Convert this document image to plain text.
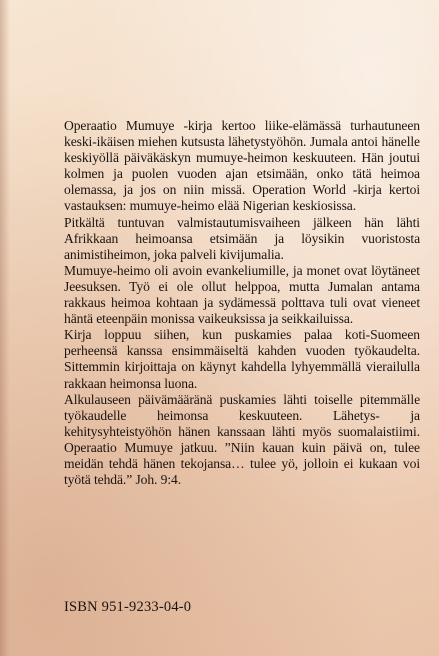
Operaatio Mumuye -kirja kertoo liike-elämässä turhautuneen keski-ikäisen miehen kutsusta lähetystyöhön. Jumala antoi hänelle keskiyöllä päiväkäskyn mumuye-heimon keskuuteen. Hän joutui kolmen ja puolen vuoden ajan etsimään, onko tätä heimoa olemassa, ja jos on niin missä. Operation World -kirja kertoi vastauksen: mumuye-heimo elää Nigerian keskiosissa.

Pitkältä tuntuvan valmistautumisvaiheen jälkeen hän lähti Afrikkaan heimoansa etsimään ja löysikin vuoristosta animistiheimon, joka palveli kivijumalia.

Mumuye-heimo oli avoin evankeliumille, ja monet ovat löytäneet Jeesuksen. Työ ei ole ollut helppoa, mutta Jumalan antama rakkaus heimoa kohtaan ja sydämessä polttava tuli ovat vieneet häntä eteenpäin monissa vaikeuksissa ja seikkailuissa.

Kirja loppuu siihen, kun puskamies palaa koti-Suomeen perheensä kanssa ensimmäiseltä kahden vuoden työkaudelta. Sittemmin kirjoittaja on käynyt kahdella lyhyemmällä vierailulla rakkaan heimonsa luona.

Alkulauseen päivämääränä puskamies lähti toiselle pitemmälle työkaudelle heimonsa keskuuteen. Lähetys- ja kehitysyhteistyöhön hänen kanssaan lähti myös suomalaistiimi. Operaatio Mumuye jatkuu. ”Niin kauan kuin päivä on, tulee meidän tehdä hänen tekojansa… tulee yö, jolloin ei kukaan voi työtä tehdä.” Joh. 9:4.

ISBN 951-9233-04-0
